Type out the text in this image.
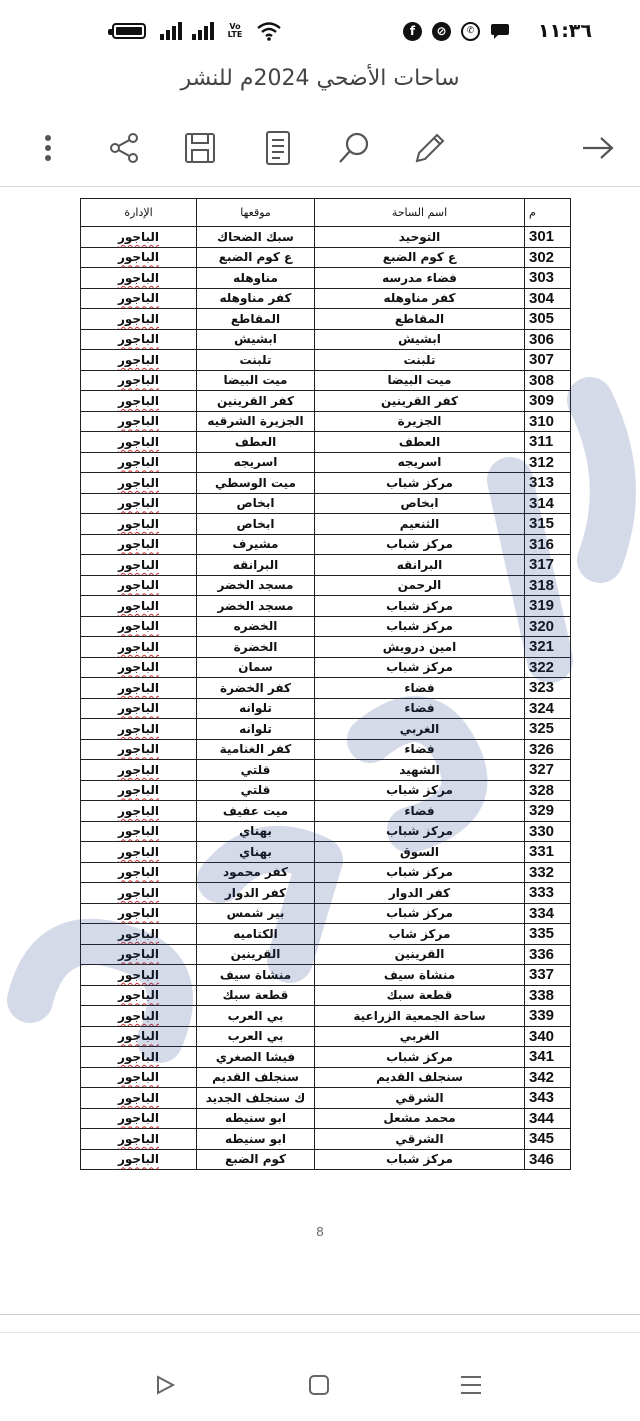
Vo LTE	f	⊘	✆	١١:٣٦
ساحات الأضحي 2024م للنشر
م	اسم الساحة	موقعها	الإدارة
301	التوحيد	سبك الضحاك	الباجور
302	ع كوم الضبع	ع كوم الضبع	الباجور
303	فضاء مدرسه	مناوهله	الباجور
304	كفر مناوهله	كفر مناوهله	الباجور
305	المقاطع	المقاطع	الباجور
306	ابشيش	ابشيش	الباجور
307	تلبنت	تلبنت	الباجور
308	ميت البيضا	ميت البيضا	الباجور
309	كفر القرينين	كفر القرينين	الباجور
310	الجزيرة	الجزيرة الشرقيه	الباجور
311	العطف	العطف	الباجور
312	اسريجه	اسريجه	الباجور
313	مركز شباب	ميت الوسطي	الباجور
314	ابخاص	ابخاص	الباجور
315	الثنعيم	ابخاص	الباجور
316	مركز شباب	مشيرف	الباجور
317	البرانقه	البرانقه	الباجور
318	الرحمن	مسجد الخضر	الباجور
319	مركز شباب	مسجد الخضر	الباجور
320	مركز شباب	الخضره	الباجور
321	امين درويش	الخضرة	الباجور
322	مركز شباب	سمان	الباجور
323	فضاء	كفر الخضرة	الباجور
324	فضاء	تلوانه	الباجور
325	الغربي	تلوانه	الباجور
326	فضاء	كفر الغنامية	الباجور
327	الشهيد	قلتي	الباجور
328	مركز شباب	قلتي	الباجور
329	فضاء	ميت عفيف	الباجور
330	مركز شباب	بهناي	الباجور
331	السوق	بهناي	الباجور
332	مركز شباب	كفر محمود	الباجور
333	كفر الدوار	كفر الدوار	الباجور
334	مركز شباب	بير شمس	الباجور
335	مركز شاب	الكتاميه	الباجور
336	القرينين	القرينين	الباجور
337	منشاة سيف	منشاة سيف	الباجور
338	قطعة سبك	قطعة سبك	الباجور
339	ساحة الجمعية الزراعية	بي العرب	الباجور
340	الغربي	بي العرب	الباجور
341	مركز شباب	فيشا الصغري	الباجور
342	سنجلف القديم	سنجلف القديم	الباجور
343	الشرقي	ك سنجلف الجديد	الباجور
344	محمد مشعل	ابو سنيطه	الباجور
345	الشرقي	ابو سنيطه	الباجور
346	مركز شباب	كوم الضبع	الباجور
8
